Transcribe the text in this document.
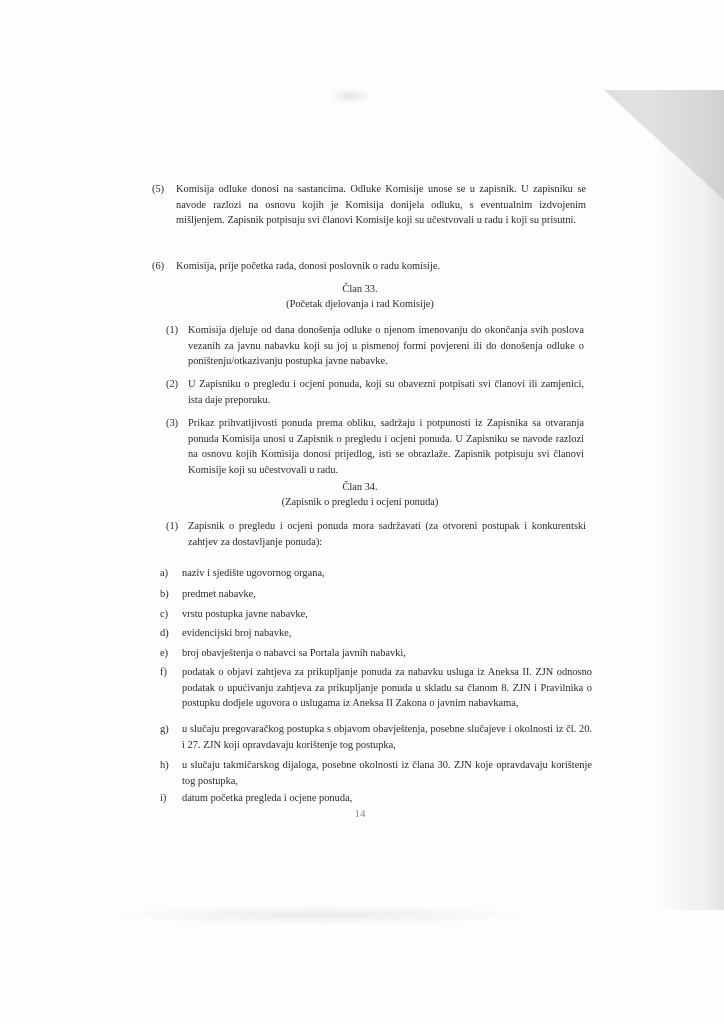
(5) Komisija odluke donosi na sastancima. Odluke Komisije unose se u zapisnik. U zapisniku se navode razlozi na osnovu kojih je Komisija donijela odluku, s eventualnim izdvojenim mišljenjem. Zapisnik potpisuju svi članovi Komisije koji su učestvovali u radu i koji su prisutni.
(6) Komisija, prije početka rada, donosi poslovnik o radu komisije.
Član 33.
(Početak djelovanja i rad Komisije)
(1) Komisija djeluje od dana donošenja odluke o njenom imenovanju do okončanja svih poslova vezanih za javnu nabavku koji su joj u pismenoj formi povjereni ili do donošenja odluke o poništenju/otkazivanju postupka javne nabavke.
(2) U Zapisniku o pregledu i ocjeni ponuda, koji su obavezni potpisati svi članovi ili zamjenici, ista daje preporuku.
(3) Prikaz prihvatljivosti ponuda prema obliku, sadržaju i potpunosti iz Zapisnika sa otvaranja ponuda Komisija unosi u Zapisnik o pregledu i ocjeni ponuda. U Zapisniku se navode razlozi na osnovu kojih Komisija donosi prijedlog, isti se obrazlaže. Zapisnik potpisuju svi članovi Komisije koji su učestvovali u radu.
Član 34.
(Zapisnik o pregledu i ocjeni ponuda)
(1) Zapisnik o pregledu i ocjeni ponuda mora sadržavati (za otvoreni postupak i konkurentski zahtjev za dostavljanje ponuda):
a)	naziv i sjedište ugovornog organa,
b)	predmet nabavke,
c)	vrstu postupka javne nabavke,
d)	evidencijski broj nabavke,
e)	broj obavještenja o nabavci sa Portala javnih nabavki,
f)	podatak o objavi zahtjeva za prikupljanje ponuda za nabavku usluga iz Aneksa II. ZJN odnosno podatak o upućivanju zahtjeva za prikupljanje ponuda u skladu sa članom 8. ZJN i Pravilnika o postupku dodjele ugovora o uslugama iz Aneksa II Zakona o javnim nabavkama,
g)	u slučaju pregovaračkog postupka s objavom obavještenja, posebne slučajeve i okolnosti iz čl. 20. i 27. ZJN koji opravdavaju korištenje tog postupka,
h)	u slučaju takmičarskog dijaloga, posebne okolnosti iz člana 30. ZJN koje opravdavaju korištenje tog postupka,
i)	datum početka pregleda i ocjene ponuda,
14
